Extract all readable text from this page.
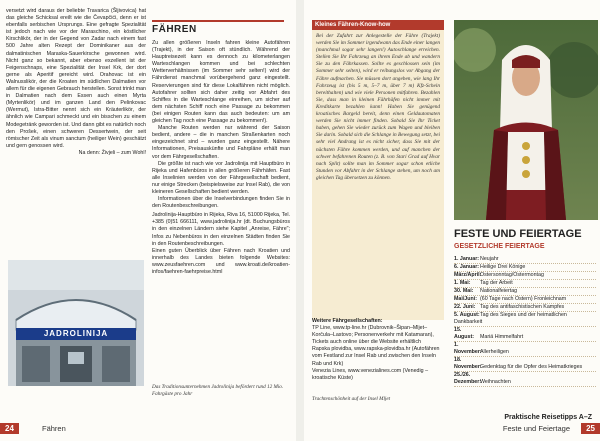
versetzt wird daraus der beliebte Travarica (Šljivovica) hat das gleiche Schicksal ereilt wie die Čevapčići, denn er ist ebenfalls serbischen Ursprungs. Eine gefragte Spezialität ist jedoch nach wie vor der Maraschino, ein köstlicher Kirschlikör, der in der Gegend von Zadar nach einem fast 500 Jahre alten Rezept der Dominikaner aus der dalmatinischen Maraska-Sauerkirsche gewonnen wird. Nicht ganz so bekannt, aber ebenso exzellent ist der Feigenschnaps, eine Spezialität der Insel Krk, der dort gerne als Aperitif gereicht wird. Orahovac ist ein Walnusslikör, der die Kroaten im südlichen Dalmatien vor allem für die eigenen Gebrauch herstellen. Sonst trinkt man in Dalmatien nach dem Essen auch einen Myrta (Myrtenlikör) und im ganzen Land den Pelinkovac (Wermut), Istra-Bitter nennt sich ein Kräuterlikör, der ähnlich wie Campari schmeckt und ein bisschen zu einem Modegetränk geworden ist. Und dann gibt es natürlich noch den Prošek, einen schweren Dessertwein, der seit römischer Zeit als vinum sanctum (heiliger Wein) geschätzt und gern genossen wird.

Na denn: Živjeli – zum Wohl!

FÄHREN

Zu allen größeren Inseln fahren kleine Autofähren (Trajekt), in der Saison oft stündlich. Während der Hauptreisezeit kann es dennoch zu kilometerlangen Warteschlangen kommen und bei schlechten Wetterverhältnissen (im Sommer sehr selten!) wird der Fährdienst manchmal vorübergehend ganz eingestellt. Reservierungen sind für diese Lokalfähren nicht möglich. Autofahrer sollten sich daher zeitig vor Abfahrt des Schiffes in die Warteschlange einreihen, um sicher auf dem nächsten Schiff noch eine Passage zu bekommen (bei einigen Routen kann das auch bedeuten: um am gleichen Tag noch eine Passage zu bekommen!).

Manche Routen werden nur während der Saison bedient, andere – die in manchen Straßenkarten noch eingezeichnet sind – wurden ganz eingestellt. Nähere Informationen, Preisauskünfte und Fahrpläne erhält man vor dem Fährgesellschaften.

Die größte ist nach wie vor Jadrolinija mit Hauptbüro in Rijeka und Hafenbüros in allen größeren Fährhäfen. Fast alle Inselinien werden von der Fährgesellschaft bedient, nur einige Strecken (beispielsweise zur Insel Rab), die von kleineren Gesellschaften bedient werden.

Informationen über die Inselverbindungen finden Sie in den Routenbeschreibungen.

Jadrolinija-Hauptbüro in Rijeka, Riva 16, 51000 Rijeka, Tel. +385 (0)51 666111, www.jadrolinija.hr (dt. Buchungsbüros in den einzelnen Ländern siehe Kapitel „Anreise, Fähre"; Infos zu Nebenbüros in den einzelnen Städten finden Sie in den Routenbeschreibungen.

Einen guten Überblick über Fähren nach Kroatien und innerhalb des Landes bieten folgende Websites: www.zeusfaehren.com und www.kroati.de/kroatien-infos/faehren-faehrpreise.html

JADROLINIJA
Das Traditionsunternehmen Jadrolinija befördert rund 12 Mio. Fahrgäste pro Jahr
24	Fähren
Kleines Fähren-Know-how
Bei der Zufahrt zur Anlegestelle der Fähre (Trajekt) werden Sie im Sommer irgendwann das Ende einer langen (manchmal sogar sehr langen!) Autoschlange erreichen. Stellen Sie Ihr Fahrzeug an ihrem Ende ab und wandern Sie zu den Fährkassen. Sollte es geschlossen sein (im Sommer sehr selten), wird er reibungslos vor Abgang der Fähre aufmachen. Sie müssen dort angeben, wie lang Ihr Fahrzeug ist (bis 5 m, 5–7 m, über 7 m) Kfz-Schein bereithalten) und wie viele Personen mitfahren. Bezahlen Sie, dass man in kleinen Fährhäfen nicht immer mit Kreditkarte bezahlen kann! Haben Sie genügend kroatisches Bargeld bereit, denn einen Geldautomaten werden Sie nicht immer finden. Sobald Sie Ihr Ticket haben, gehen Sie wieder zurück zum Wagen und bleiben Sie darin. Sobald sich die Schlange in Bewegung setzt, bei sehr viel Andrang ist es nicht sicher, dass Sie mit der nächsten Fähre kommen werden, und auf manchen der schwer befahrenen Routen (z. B. von Stari Grad auf Hvar nach Split) sollte man im Sommer sogar schon etliche Stunden vor Abfahrt in der Schlange stehen, um noch am gleichen Tag übersetzen zu können.

Weitere Fährgesellschaften:

TP Line, www.tp-line.hr (Dubrovnik–Šipan–Mljet–Korčula–Lastovo; Personenverkehr mit Katamaran), Tickets auch online über die Website erhältlich

Rapska plovidba, www.rapska-plovidba.hr (Autofähren vom Festland zur Insel Rab und zwischen den Inseln Rab und Krk)

Venezia Lines, www.venezialines.com (Venedig – kroatische Küste)

Trachtenschönheit auf der Insel Mljet
FESTE UND FEIERTAGE
GESETZLICHE FEIERTAGE
1. Januar:Neujahr
6. Januar:Heilige Drei Könige
März/April:Ostersonntag/Ostermontag
1. Mai: Tag der Arbeit
30. Mai: Nationalfeiertag
Mai/Juni: (60 Tage nach Ostern) Fronleichnam
22. Juni: Tag des antifaschistischen Kampfes
5. August:Tag des Sieges und der heimatlichen Dankbarkeit
15. August: Mariä Himmelfahrt
1. November:Allerheiligen
18. November:Gedenktag für die Opfer des Heimatkrieges
25./26. Dezember:Weihnachten
Praktische Reisetipps A–Z
Feste und Feiertage	25
